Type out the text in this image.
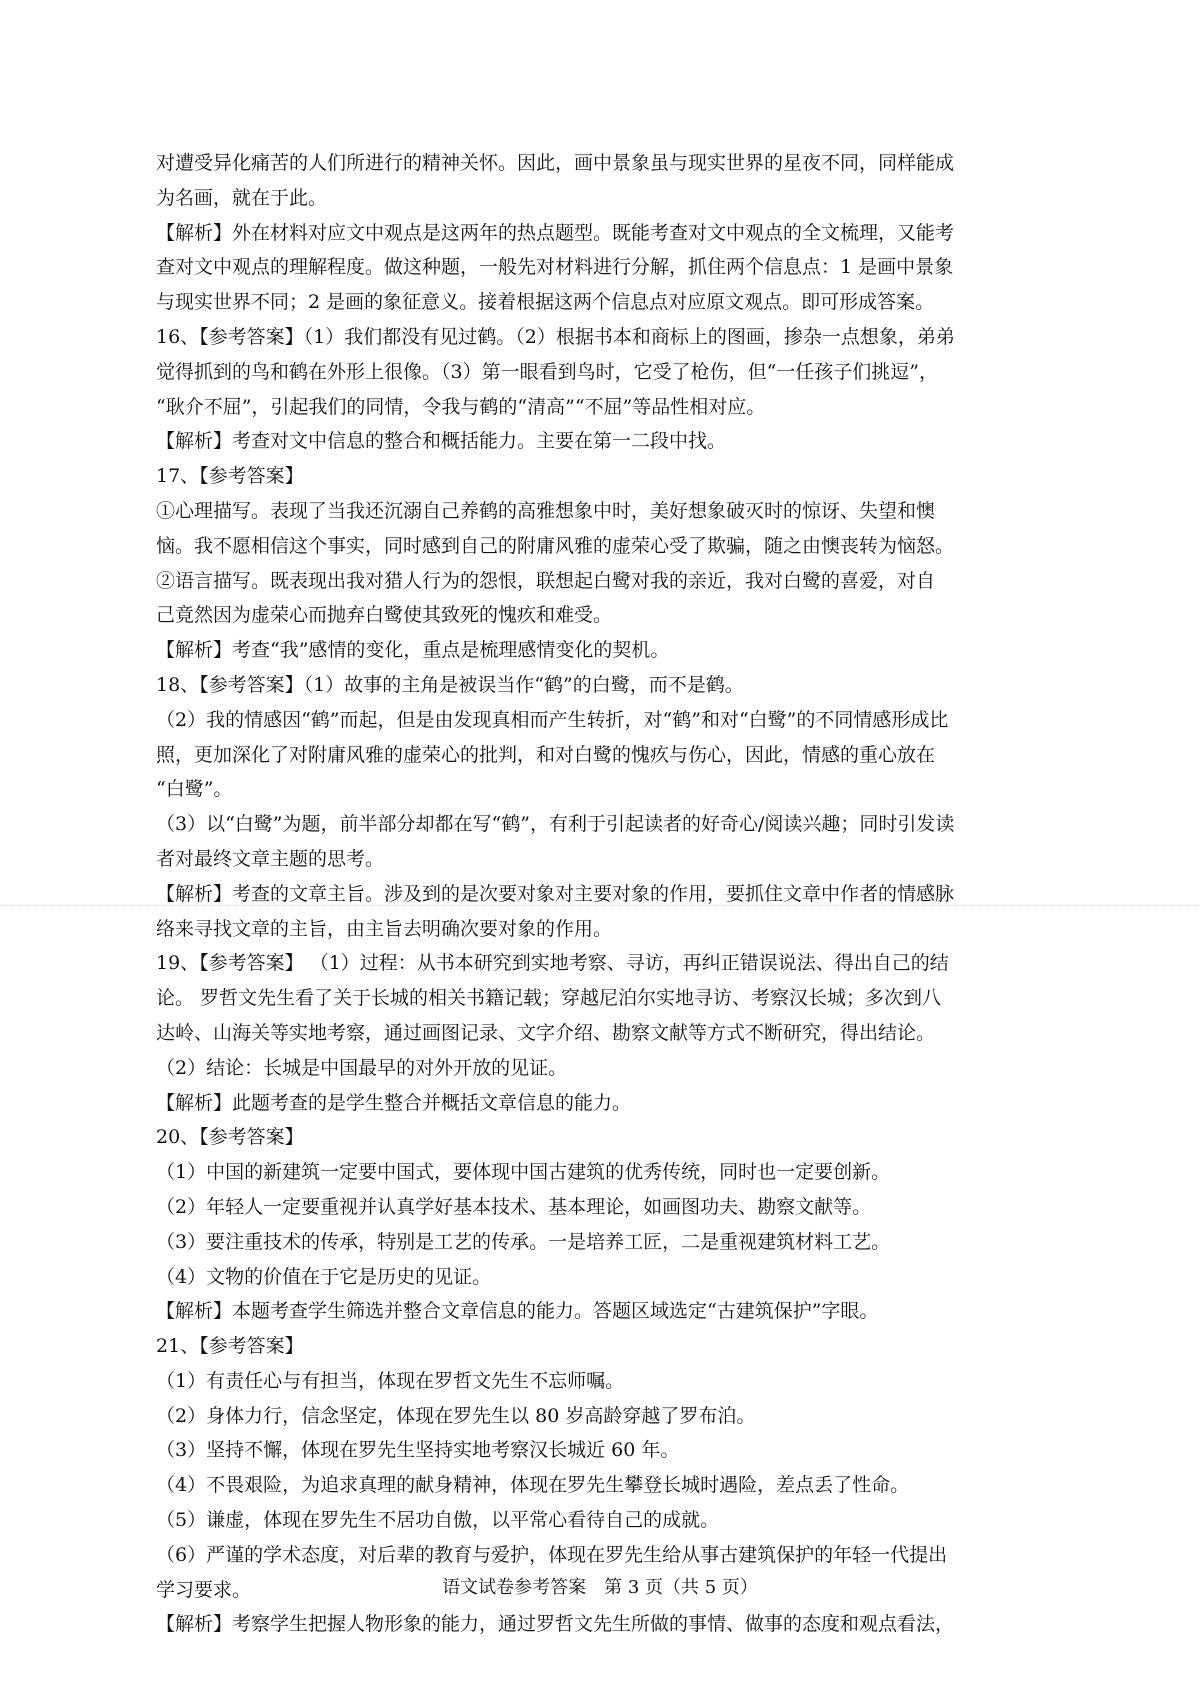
对遭受异化痛苦的人们所进行的精神关怀。因此，画中景象虽与现实世界的星夜不同，同样能成
为名画，就在于此。
【解析】外在材料对应文中观点是这两年的热点题型。既能考查对文中观点的全文梳理，又能考
查对文中观点的理解程度。做这种题，一般先对材料进行分解，抓住两个信息点：1 是画中景象
与现实世界不同；2 是画的象征意义。接着根据这两个信息点对应原文观点。即可形成答案。
16、【参考答案】（1）我们都没有见过鹤。（2）根据书本和商标上的图画，掺杂一点想象，弟弟
觉得抓到的鸟和鹤在外形上很像。（3）第一眼看到鸟时，它受了枪伤，但“一任孩子们挑逗”，
“耿介不屈”，引起我们的同情，令我与鹤的“清高”“不屈”等品性相对应。
【解析】考查对文中信息的整合和概括能力。主要在第一二段中找。
17、【参考答案】
①心理描写。表现了当我还沉溺自己养鹤的高雅想象中时，美好想象破灭时的惊讶、失望和懊
恼。我不愿相信这个事实，同时感到自己的附庸风雅的虚荣心受了欺骗，随之由懊丧转为恼怒。
②语言描写。既表现出我对猎人行为的怨恨，联想起白鹭对我的亲近，我对白鹭的喜爱，对自
己竟然因为虚荣心而抛弃白鹭使其致死的愧疚和难受。
【解析】考查“我”感情的变化，重点是梳理感情变化的契机。
18、【参考答案】（1）故事的主角是被误当作“鹤”的白鹭，而不是鹤。
（2）我的情感因“鹤”而起，但是由发现真相而产生转折，对“鹤”和对“白鹭”的不同情感形成比
照，更加深化了对附庸风雅的虚荣心的批判，和对白鹭的愧疚与伤心，因此，情感的重心放在
“白鹭”。
（3）以“白鹭”为题，前半部分却都在写“鹤”，有利于引起读者的好奇心/阅读兴趣；同时引发读
者对最终文章主题的思考。
【解析】考查的文章主旨。涉及到的是次要对象对主要对象的作用，要抓住文章中作者的情感脉
络来寻找文章的主旨，由主旨去明确次要对象的作用。
19、【参考答案】 （1）过程：从书本研究到实地考察、寻访，再纠正错误说法、得出自己的结
论。 罗哲文先生看了关于长城的相关书籍记载；穿越尼泊尔实地寻访、考察汉长城；多次到八
达岭、山海关等实地考察，通过画图记录、文字介绍、勘察文献等方式不断研究，得出结论。
（2）结论：长城是中国最早的对外开放的见证。
【解析】此题考查的是学生整合并概括文章信息的能力。
20、【参考答案】
（1）中国的新建筑一定要中国式，要体现中国古建筑的优秀传统，同时也一定要创新。
（2）年轻人一定要重视并认真学好基本技术、基本理论，如画图功夫、勘察文献等。
（3）要注重技术的传承，特别是工艺的传承。一是培养工匠，二是重视建筑材料工艺。
（4）文物的价值在于它是历史的见证。
【解析】本题考查学生筛选并整合文章信息的能力。答题区域选定“古建筑保护”字眼。
21、【参考答案】
（1）有责任心与有担当，体现在罗哲文先生不忘师嘱。
（2）身体力行，信念坚定，体现在罗先生以 80 岁高龄穿越了罗布泊。
（3）坚持不懈，体现在罗先生坚持实地考察汉长城近 60 年。
（4）不畏艰险，为追求真理的献身精神，体现在罗先生攀登长城时遇险，差点丢了性命。
（5）谦虚，体现在罗先生不居功自傲，以平常心看待自己的成就。
（6）严谨的学术态度，对后辈的教育与爱护，体现在罗先生给从事古建筑保护的年轻一代提出
学习要求。
【解析】考察学生把握人物形象的能力，通过罗哲文先生所做的事情、做事的态度和观点看法，
语文试卷参考答案　第 3 页（共 5 页）
